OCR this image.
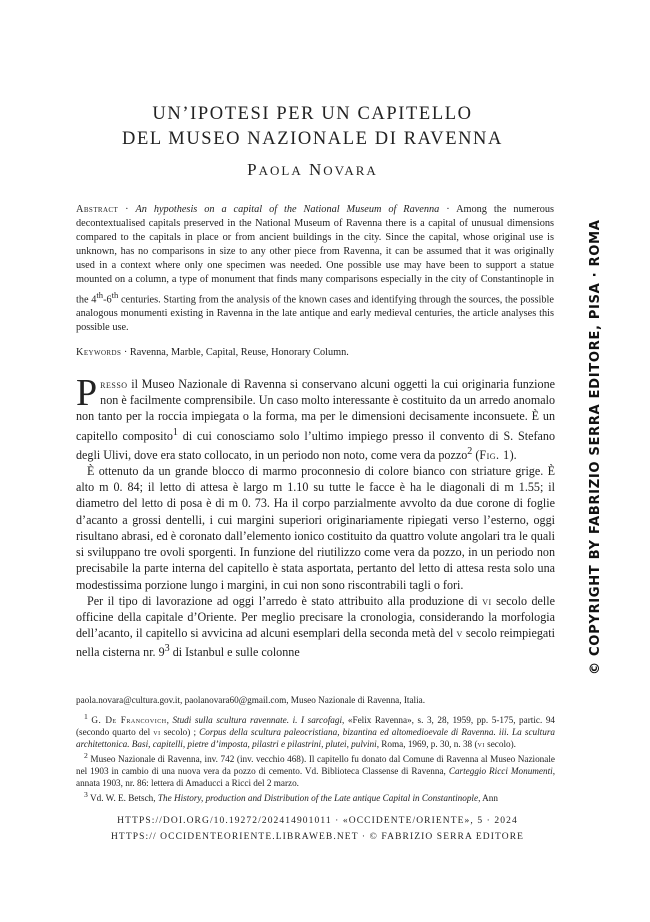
UN’IPOTESI PER UN CAPITELLO
DEL MUSEO NAZIONALE DI RAVENNA
PAOLA NOVARA
Abstract · An hypothesis on a capital of the National Museum of Ravenna · Among the numerous decontextualised capitals preserved in the National Museum of Ravenna there is a capital of unusual dimensions compared to the capitals in place or from ancient buildings in the city. Since the capital, whose original use is unknown, has no comparisons in size to any other piece from Ravenna, it can be assumed that it was originally used in a context where only one specimen was needed. One possible use may have been to support a statue mounted on a column, a type of monument that finds many comparisons especially in the city of Constantinople in the 4th-6th centuries. Starting from the analysis of the known cases and identifying through the sources, the possible analogous monumenti existing in Ravenna in the late antique and early medieval centuries, the article analyses this possible use.
Keywords · Ravenna, Marble, Capital, Reuse, Honorary Column.

Presso il Museo Nazionale di Ravenna si conservano alcuni oggetti la cui originaria funzione non è facilmente comprensibile. Un caso molto interessante è costituito da un arredo anomalo non tanto per la roccia impiegata o la forma, ma per le dimensioni decisamente inconsuete. È un capitello composito$^1$ di cui conosciamo solo l’ultimo impiego presso il convento di S. Stefano degli Ulivi, dove era stato collocato, in un periodo non noto, come vera da pozzo$^2$ (Fig. 1).

È ottenuto da un grande blocco di marmo proconnesio di colore bianco con striature grige. È alto m 0. 84; il letto di attesa è largo m 1.10 su tutte le facce è ha le diagonali di m 1.55; il diametro del letto di posa è di m 0. 73. Ha il corpo parzialmente avvolto da due corone di foglie d’acanto a grossi dentelli, i cui margini superiori originariamente ripiegati verso l’esterno, oggi risultano abrasi, ed è coronato dall’elemento ionico costituito da quattro volute angolari tra le quali si sviluppano tre ovoli sporgenti. In funzione del riutilizzo come vera da pozzo, in un periodo non precisabile la parte interna del capitello è stata asportata, pertanto del letto di attesa resta solo una modestissima porzione lungo i margini, in cui non sono riscontrabili tagli o fori.

Per il tipo di lavorazione ad oggi l’arredo è stato attribuito alla produzione di vi secolo delle officine della capitale d’Oriente. Per meglio precisare la cronologia, considerando la morfologia dell’acanto, il capitello si avvicina ad alcuni esemplari della seconda metà del v secolo reimpiegati nella cisterna nr. $9^3$ di Istanbul e sulle colonne

paola.novara@cultura.gov.it, paolanovara60@gmail.com, Museo Nazionale di Ravenna, Italia.

$^1$ G. De Francovich, Studi sulla scultura ravennate. i. I sarcofagi, «Felix Ravenna», s. 3, 28, 1959, pp. 5-175, partic. 94 (secondo quarto del vi secolo) ; Corpus della scultura paleocristiana, bizantina ed altomedioevale di Ravenna. iii. La scultura architettonica. Basi, capitelli, pietre d’imposta, pilastri e pilastrini, plutei, pulvini, Roma, 1969, p. 30, n. 38 (vi secolo).

$^2$ Museo Nazionale di Ravenna, inv. 742 (inv. vecchio 468). Il capitello fu donato dal Comune di Ravenna al Museo Nazionale nel 1903 in cambio di una nuova vera da pozzo di cemento. Vd. Biblioteca Classense di Ravenna, Carteggio Ricci Monumenti, annata 1903, nr. 86: lettera di Amaducci a Ricci del 2 marzo.

$^3$ Vd. W. E. Betsch, The History, production and Distribution of the Late antique Capital in Constantinople, Ann

HTTPS://DOI.ORG/10.19272/202414901011 · «OCCIDENTE/ORIENTE», 5 · 2024
HTTPS:// OCCIDENTEORIENTE.LIBRAWEB.NET · © FABRIZIO SERRA EDITORE
© COPYRIGHT BY FABRIZIO SERRA EDITORE, PISA · ROMA
